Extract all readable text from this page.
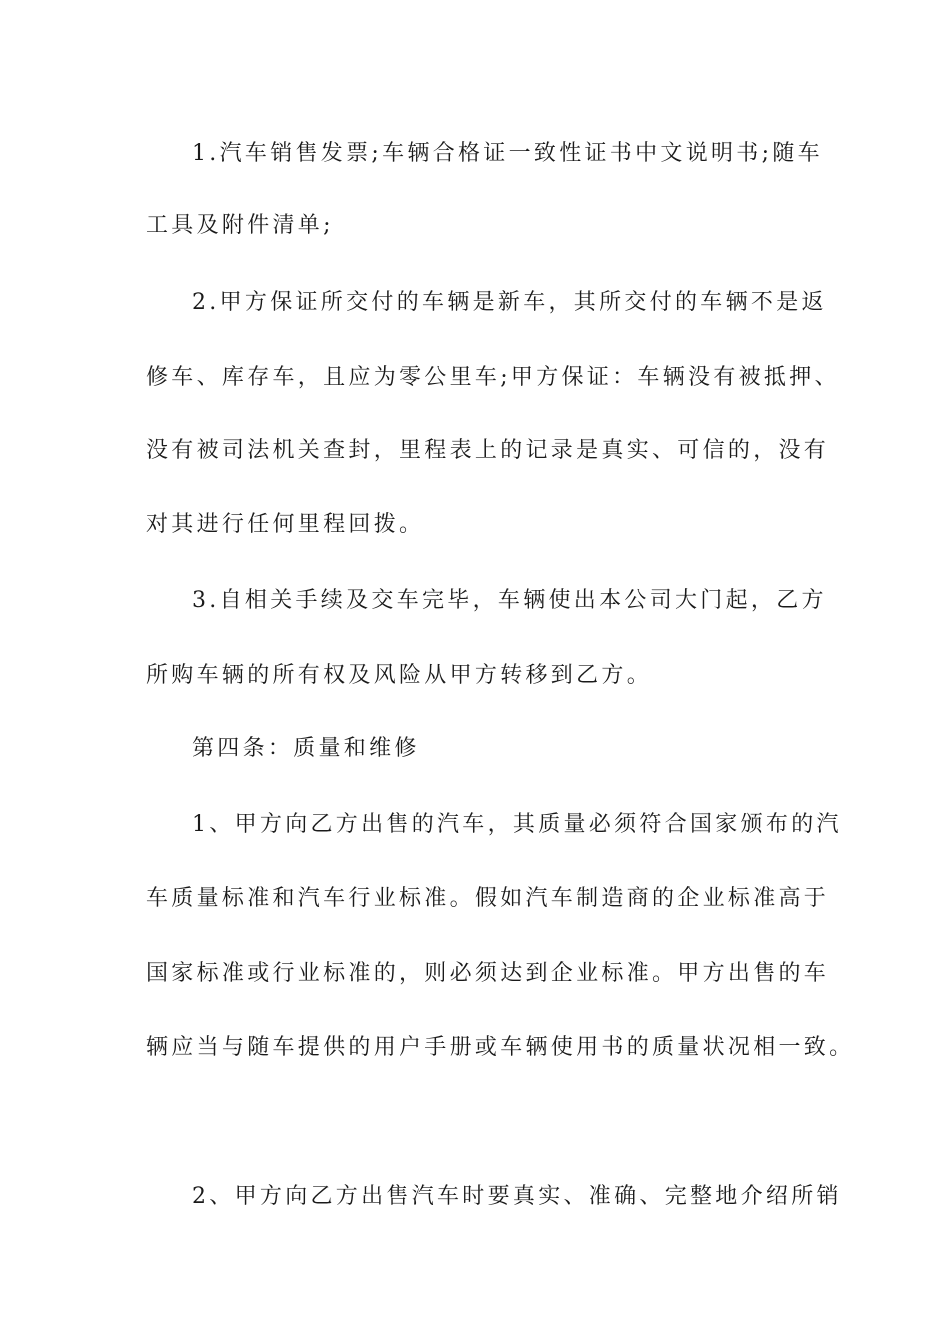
1.汽车销售发票;车辆合格证一致性证书中文说明书;随车
工具及附件清单;
2.甲方保证所交付的车辆是新车，其所交付的车辆不是返
修车、库存车，且应为零公里车;甲方保证：车辆没有被抵押、
没有被司法机关查封，里程表上的记录是真实、可信的，没有
对其进行任何里程回拨。
3.自相关手续及交车完毕，车辆使出本公司大门起，乙方
所购车辆的所有权及风险从甲方转移到乙方。
第四条：质量和维修
1、甲方向乙方出售的汽车，其质量必须符合国家颁布的汽
车质量标准和汽车行业标准。假如汽车制造商的企业标准高于
国家标准或行业标准的，则必须达到企业标准。甲方出售的车
辆应当与随车提供的用户手册或车辆使用书的质量状况相一致。
2、甲方向乙方出售汽车时要真实、准确、完整地介绍所销
